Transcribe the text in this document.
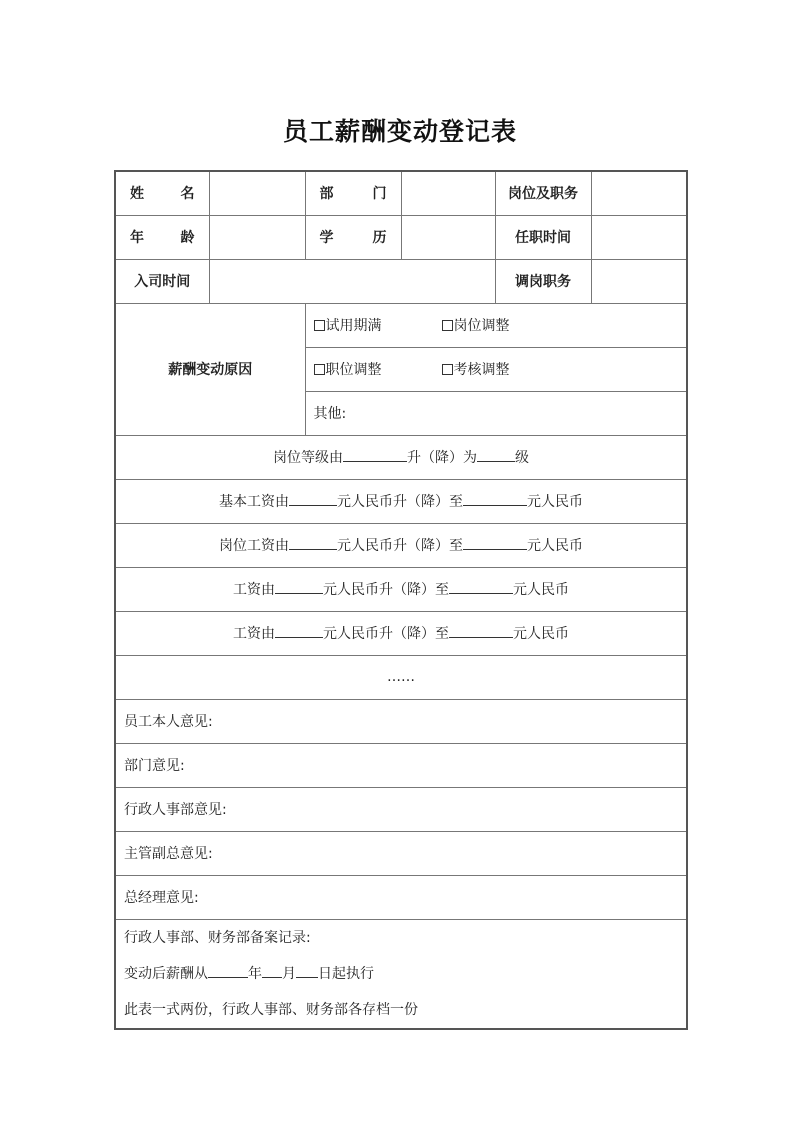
员工薪酬变动登记表
姓 名		部 门		岗位及职务	

年 龄		学 历		任职时间	
入司时间				调岗职务	
薪酬变动原因		试用期满 岗位调整			
		职位调整 考核调整			
		其他:			
岗位等级由 升（降）为 级					
基本工资由 元人民币升（降）至 元人民币					
岗位工资由 元人民币升（降）至 元人民币					
工资由 元人民币升（降）至 元人民币					
工资由 元人民币升（降）至 元人民币					
……					
员工本人意见:					
部门意见:					
行政人事部意见:					
主管副总意见:					
总经理意见:					

行政人事部、财务部备案记录:
变动后薪酬从 年 月 日起执行
此表一式两份，行政人事部、财务部各存档一份					
